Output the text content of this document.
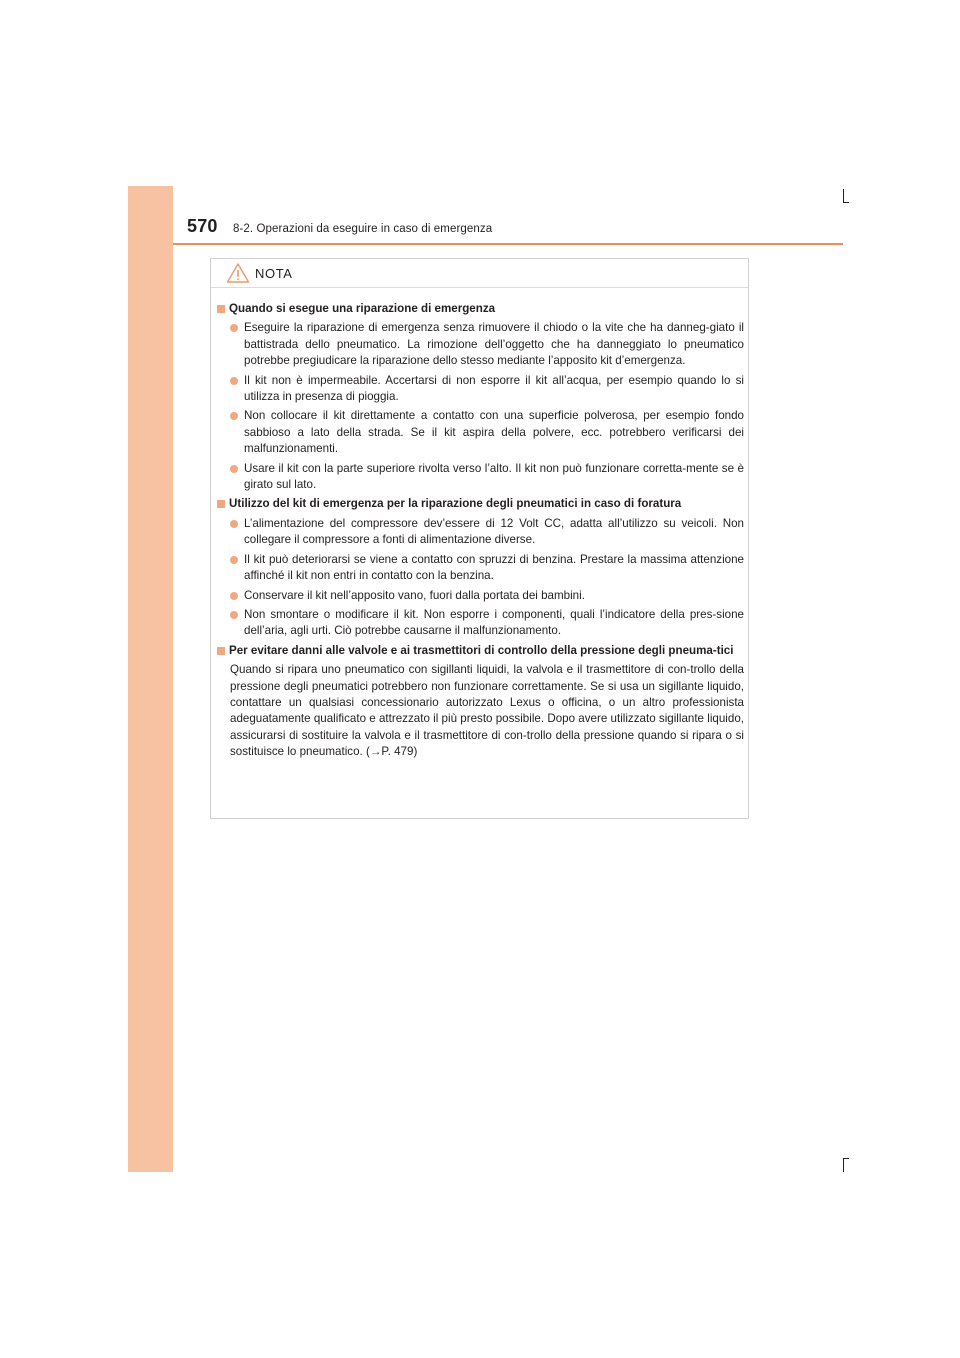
570 8-2. Operazioni da eseguire in caso di emergenza
NOTA
Quando si esegue una riparazione di emergenza
Eseguire la riparazione di emergenza senza rimuovere il chiodo o la vite che ha danneg-giato il battistrada dello pneumatico. La rimozione dell’oggetto che ha danneggiato lo pneumatico potrebbe pregiudicare la riparazione dello stesso mediante l’apposito kit d’emergenza.
Il kit non è impermeabile. Accertarsi di non esporre il kit all’acqua, per esempio quando lo si utilizza in presenza di pioggia.
Non collocare il kit direttamente a contatto con una superficie polverosa, per esempio fondo sabbioso a lato della strada. Se il kit aspira della polvere, ecc. potrebbero verificarsi dei malfunzionamenti.
Usare il kit con la parte superiore rivolta verso l’alto. Il kit non può funzionare corretta-mente se è girato sul lato.
Utilizzo del kit di emergenza per la riparazione degli pneumatici in caso di foratura
L’alimentazione del compressore dev’essere di 12 Volt CC, adatta all’utilizzo su veicoli. Non collegare il compressore a fonti di alimentazione diverse.
Il kit può deteriorarsi se viene a contatto con spruzzi di benzina. Prestare la massima attenzione affinché il kit non entri in contatto con la benzina.
Conservare il kit nell’apposito vano, fuori dalla portata dei bambini.
Non smontare o modificare il kit. Non esporre i componenti, quali l’indicatore della pres-sione dell’aria, agli urti. Ciò potrebbe causarne il malfunzionamento.
Per evitare danni alle valvole e ai trasmettitori di controllo della pressione degli pneuma-tici
Quando si ripara uno pneumatico con sigillanti liquidi, la valvola e il trasmettitore di con-trollo della pressione degli pneumatici potrebbero non funzionare correttamente. Se si usa un sigillante liquido, contattare un qualsiasi concessionario autorizzato Lexus o officina, o un altro professionista adeguatamente qualificato e attrezzato il più presto possibile. Dopo avere utilizzato sigillante liquido, assicurarsi di sostituire la valvola e il trasmettitore di con-trollo della pressione quando si ripara o si sostituisce lo pneumatico. (→P. 479)
